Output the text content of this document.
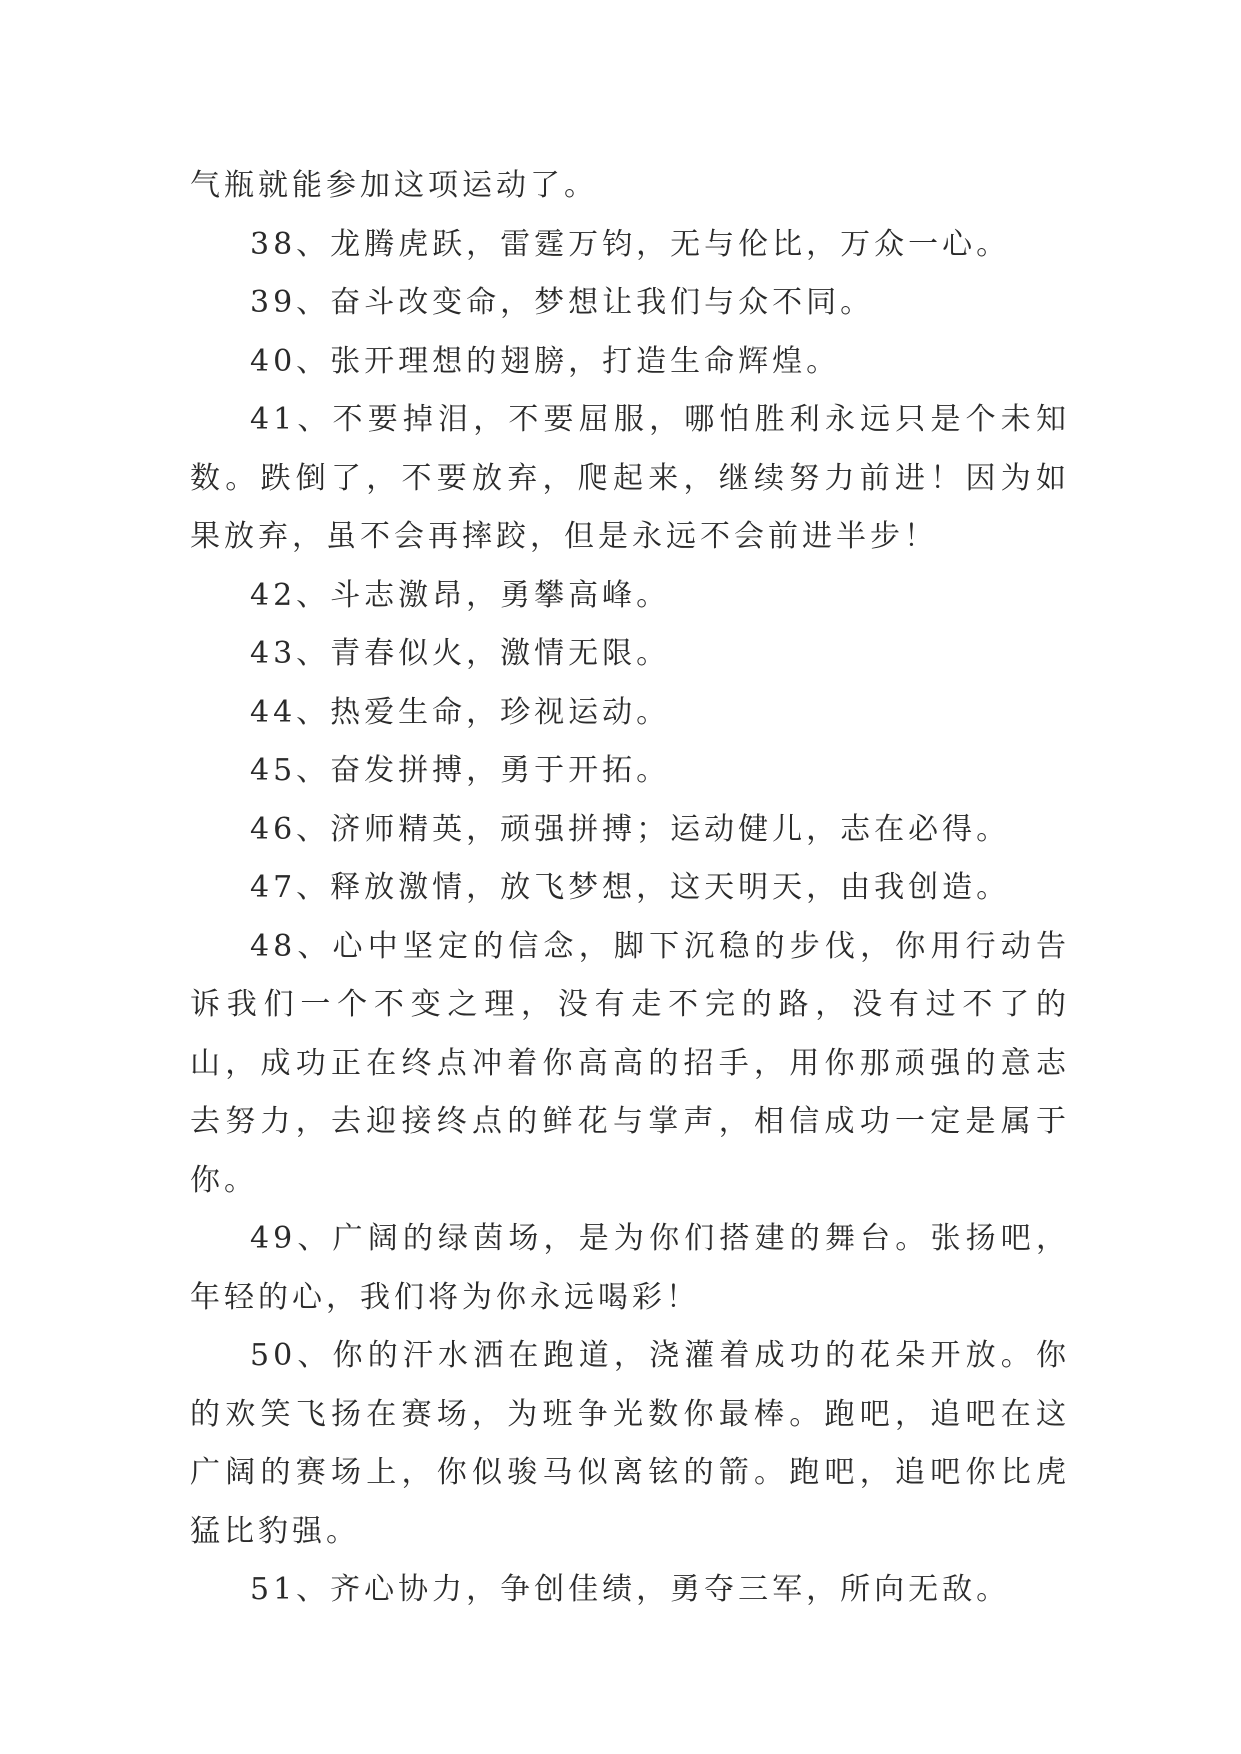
气瓶就能参加这项运动了。

38、龙腾虎跃，雷霆万钧，无与伦比，万众一心。

39、奋斗改变命，梦想让我们与众不同。

40、张开理想的翅膀，打造生命辉煌。

41、不要掉泪，不要屈服，哪怕胜利永远只是个未知数。跌倒了，不要放弃，爬起来，继续努力前进！因为如果放弃，虽不会再摔跤，但是永远不会前进半步！

42、斗志激昂，勇攀高峰。

43、青春似火，激情无限。

44、热爱生命，珍视运动。

45、奋发拼搏，勇于开拓。

46、济师精英，顽强拼搏；运动健儿，志在必得。

47、释放激情，放飞梦想，这天明天，由我创造。

48、心中坚定的信念，脚下沉稳的步伐，你用行动告诉我们一个不变之理，没有走不完的路，没有过不了的山，成功正在终点冲着你高高的招手，用你那顽强的意志去努力，去迎接终点的鲜花与掌声，相信成功一定是属于你。

49、广阔的绿茵场，是为你们搭建的舞台。张扬吧，年轻的心，我们将为你永远喝彩！

50、你的汗水洒在跑道，浇灌着成功的花朵开放。你的欢笑飞扬在赛场，为班争光数你最棒。跑吧，追吧在这广阔的赛场上，你似骏马似离铉的箭。跑吧，追吧你比虎猛比豹强。

51、齐心协力，争创佳绩，勇夺三军，所向无敌。
